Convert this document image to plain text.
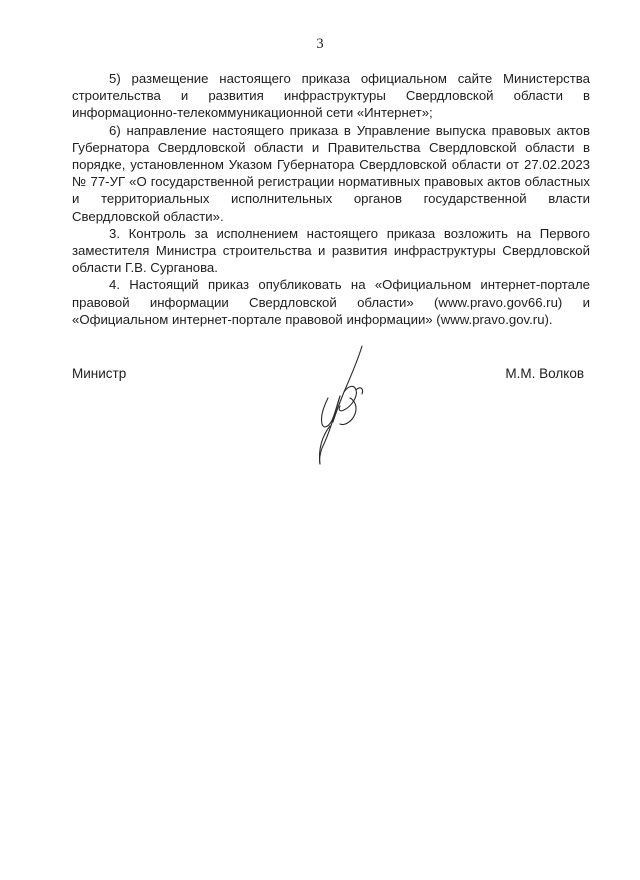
3

5) размещение настоящего приказа официальном сайте Министерства строительства и развития инфраструктуры Свердловской области в информационно-телекоммуникационной сети «Интернет»;

6) направление настоящего приказа в Управление выпуска правовых актов Губернатора Свердловской области и Правительства Свердловской области в порядке, установленном Указом Губернатора Свердловской области от 27.02.2023 № 77-УГ «О государственной регистрации нормативных правовых актов областных и территориальных исполнительных органов государственной власти Свердловской области».

3. Контроль за исполнением настоящего приказа возложить на Первого заместителя Министра строительства и развития инфраструктуры Свердловской области Г.В. Сурганова.

4. Настоящий приказ опубликовать на «Официальном интернет-портале правовой информации Свердловской области» (www.pravo.gov66.ru) и «Официальном интернет-портале правовой информации» (www.pravo.gov.ru).

Министр	М.М. Волков
